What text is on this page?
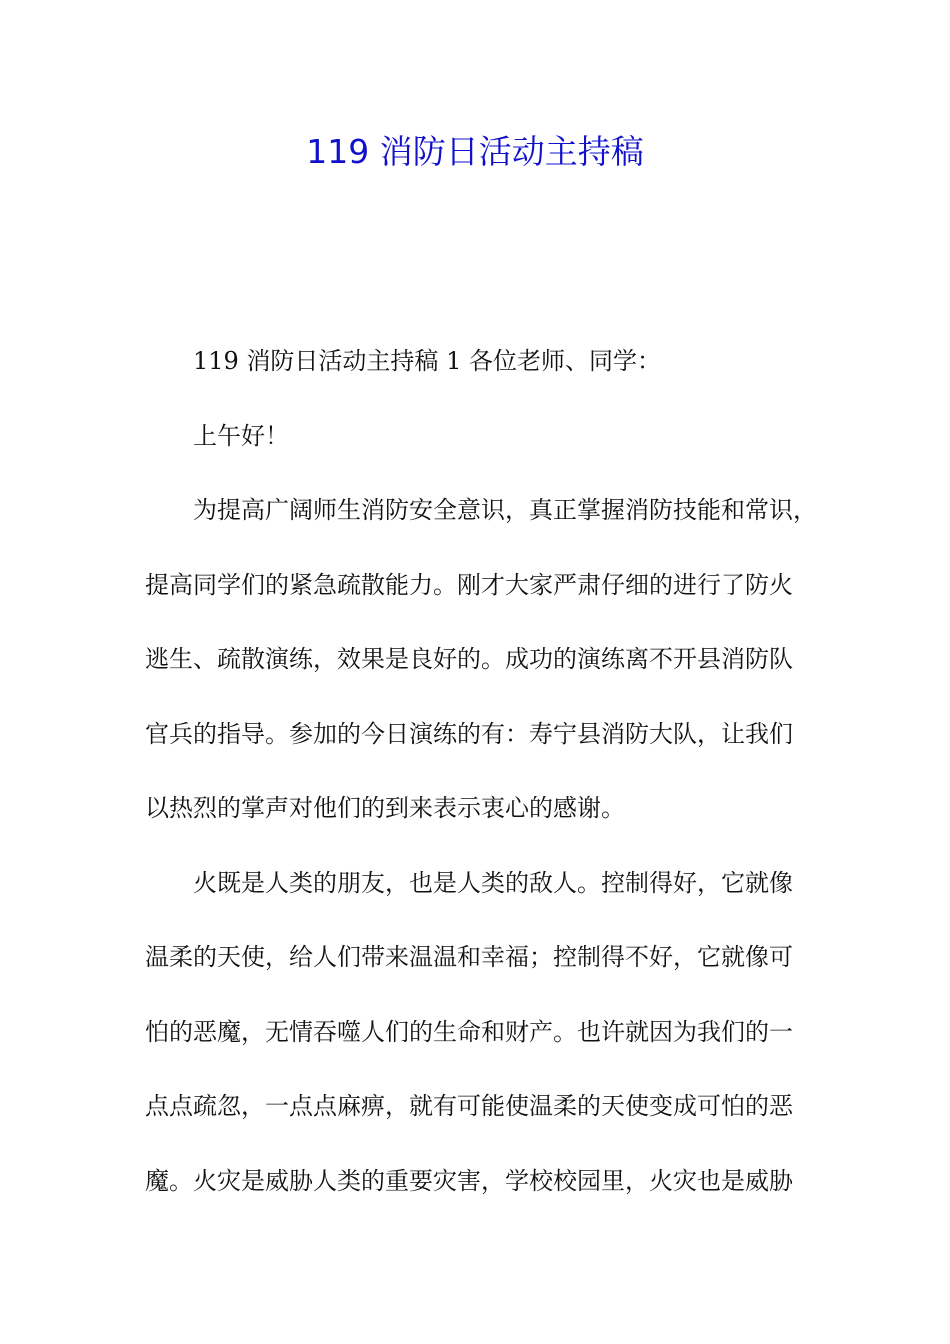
119 消防日活动主持稿

119 消防日活动主持稿 1 各位老师、同学：

上午好！

为提高广阔师生消防安全意识，真正掌握消防技能和常识，

提高同学们的紧急疏散能力。刚才大家严肃仔细的进行了防火

逃生、疏散演练，效果是良好的。成功的演练离不开县消防队

官兵的指导。参加的今日演练的有：寿宁县消防大队，让我们

以热烈的掌声对他们的到来表示衷心的感谢。

火既是人类的朋友，也是人类的敌人。控制得好，它就像

温柔的天使，给人们带来温温和幸福；控制得不好，它就像可

怕的恶魔，无情吞噬人们的生命和财产。也许就因为我们的一

点点疏忽，一点点麻痹，就有可能使温柔的天使变成可怕的恶

魔。火灾是威胁人类的重要灾害，学校校园里，火灾也是威胁
